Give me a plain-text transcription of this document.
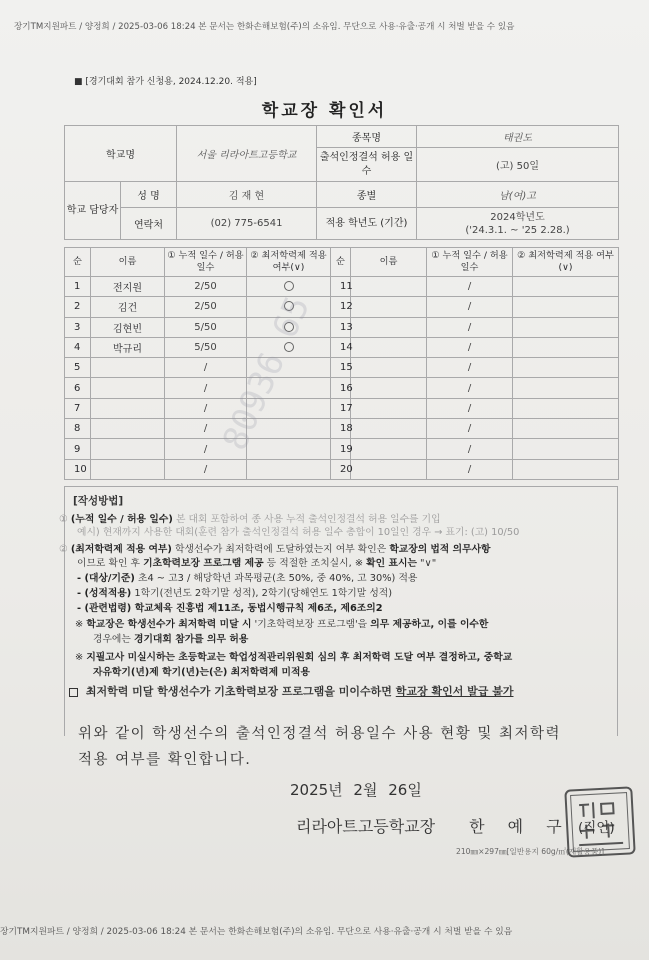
장기TM지원파트 / 양정희 / 2025-03-06 18:24 본 문서는 한화손해보험(주)의 소유임. 무단으로 사용·유출·공개 시 처벌 받을 수 있음
■ [경기대회 참가 신청용, 2024.12.20. 적용]
학교장 확인서
학교명		서울 리라아트고등학교	종목명	태권도
			출석인정결석 허용 일수	(고) 50일
학교 담당자	성 명	김 재 현	종별	남(여)고
	연락처	(02) 775-6541	적용 학년도 (기간)	2024학년도
('24.3.1. ~ '25 2.28.)
순	이름	① 누적 일수 / 허용 일수	② 최저학력제 적용 여부(∨)	순	이름	① 누적 일수 / 허용 일수	② 최저학력제 적용 여부(∨)
1	전지원	2/50		11		/	
2	김건	2/50		12		/	
3	김현빈	5/50		13		/	
4	박규리	5/50		14		/	
5		/		15		/	
6		/		16		/	
7		/		17		/	
8		/		18		/	
9		/		19		/	
10		/		20		/	
[작성방법]
① (누적 일수 / 허용 일수) 본 대회 포함하여 종 사용 누적 출석인정결석 허용 일수를 기입
예시) 현재까지 사용한 대회(훈련 참가 출석인정결석 허용 일수 총합이 10일인 경우 → 표기: (고) 10/50
② (최저학력제 적용 여부) 학생선수가 최저학력에 도달하였는지 여부 확인은 학교장의 법적 의무사항
이므로 확인 후 기초학력보장 프로그램 제공 등 적절한 조치실시, ※ 확인 표시는 "∨"
- (대상/기준) 초4 ~ 고3 / 해당학년 과목평균(초 50%, 중 40%, 고 30%) 적용
- (성적적용) 1학기(전년도 2학기말 성적), 2학기(당해연도 1학기말 성적)
- (관련법령) 학교체육 진흥법 제11조, 동법시행규칙 제6조, 제6조의2
※ 학교장은 학생선수가 최저학력 미달 시 '기초학력보장 프로그램'을 의무 제공하고, 이를 이수한
경우에는 경기대회 참가를 의무 허용
※ 지필고사 미실시하는 초등학교는 학업성적관리위원회 심의 후 최저학력 도달 여부 결정하고, 중학교
자유학기(년)제 학기(년)는(은) 최저학력제 미적용
최저학력 미달 학생선수가 기초학력보장 프로그램을 미이수하면 학교장 확인서 발급 불가
위와 같이 학생선수의 출석인정결석 허용일수 사용 현황 및 최저학력
2025년 2월 26일
리라아트고등학교장 한 예 구 (직인)
210㎜×297㎜[일반용지 60g/㎡(재활용품)]
80936 65
장기TM지원파트 / 양정희 / 2025-03-06 18:24 본 문서는 한화손해보험(주)의 소유임. 무단으로 사용·유출·공개 시 처벌 받을 수 있음
적용 여부를 확인합니다.
